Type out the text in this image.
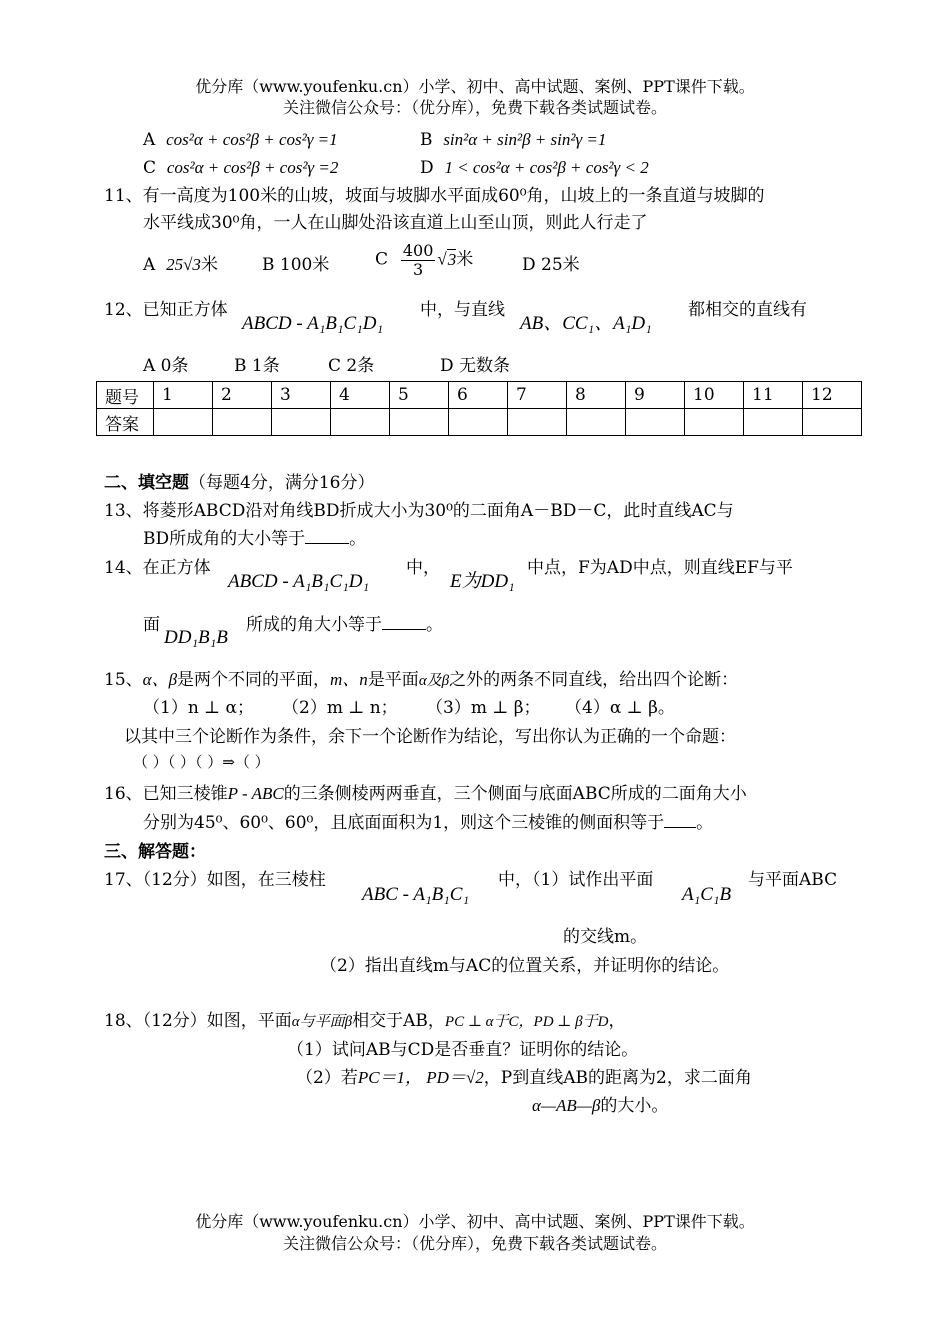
优分库（www.youfenku.cn）小学、初中、高中试题、案例、PPT课件下载。
关注微信公众号：（优分库），免费下载各类试题试卷。
A cos²α + cos²β + cos²γ =1	B sin²α + sin²β + sin²γ =1
C cos²α + cos²β + cos²γ =2	D 1 < cos²α + cos²β + cos²γ < 2
11、有一高度为100米的山坡，坡面与坡脚水平面成60⁰角，山坡上的一条直道与坡脚的
水平线成30⁰角，一人在山脚处沿该直道上山至山顶，则此人行走了
A 25√3米	B 100米	C $\frac{400}{3} √3$米	D 25米
12、已知正方体
ABCD - A₁B₁C₁D₁
中，与直线
AB、CC₁、A₁D₁
都相交的直线有
A 0条	B 1条	C 2条	D 无数条
题号	1	2	3	4	5	6	7	8	9	10	11	12
答案												
二、填空题（每题4分，满分16分）
13、将菱形ABCD沿对角线BD折成大小为30⁰的二面角A－BD－C，此时直线AC与
BD所成角的大小等于	。
14、在正方体
ABCD - A₁B₁C₁D₁
中，
E为DD₁
中点，F为AD中点，则直线EF与平
面
DD₁B₁B
所成的角大小等于	。
15、α、β是两个不同的平面，m、n是平面α及β之外的两条不同直线，给出四个论断：
（1）n ⊥ α； （2）m ⊥ n； （3）m ⊥ β； （4）α ⊥ β。
以其中三个论断作为条件，余下一个论断作为结论，写出你认为正确的一个命题：
（ ）（ ）（ ）⇒（ ）
16、已知三棱锥P - ABC的三条侧棱两两垂直，三个侧面与底面ABC所成的二面角大小
分别为45⁰、60⁰、60⁰，且底面面积为1，则这个三棱锥的侧面积等于 。
三、解答题：
17、（12分）如图，在三棱柱
ABC - A₁B₁C₁
中，（1）试作出平面
A₁C₁B
与平面ABC
的交线m。
（2）指出直线m与AC的位置关系，并证明你的结论。
18、（12分）如图，平面α与平面β相交于AB，PC ⊥ α于C，PD ⊥ β于D，
（1）试问AB与CD是否垂直？证明你的结论。
（2）若PC＝1， PD＝√2，P到直线AB的距离为2，求二面角
α—AB—β的大小。
优分库（www.youfenku.cn）小学、初中、高中试题、案例、PPT课件下载。
关注微信公众号：（优分库），免费下载各类试题试卷。
